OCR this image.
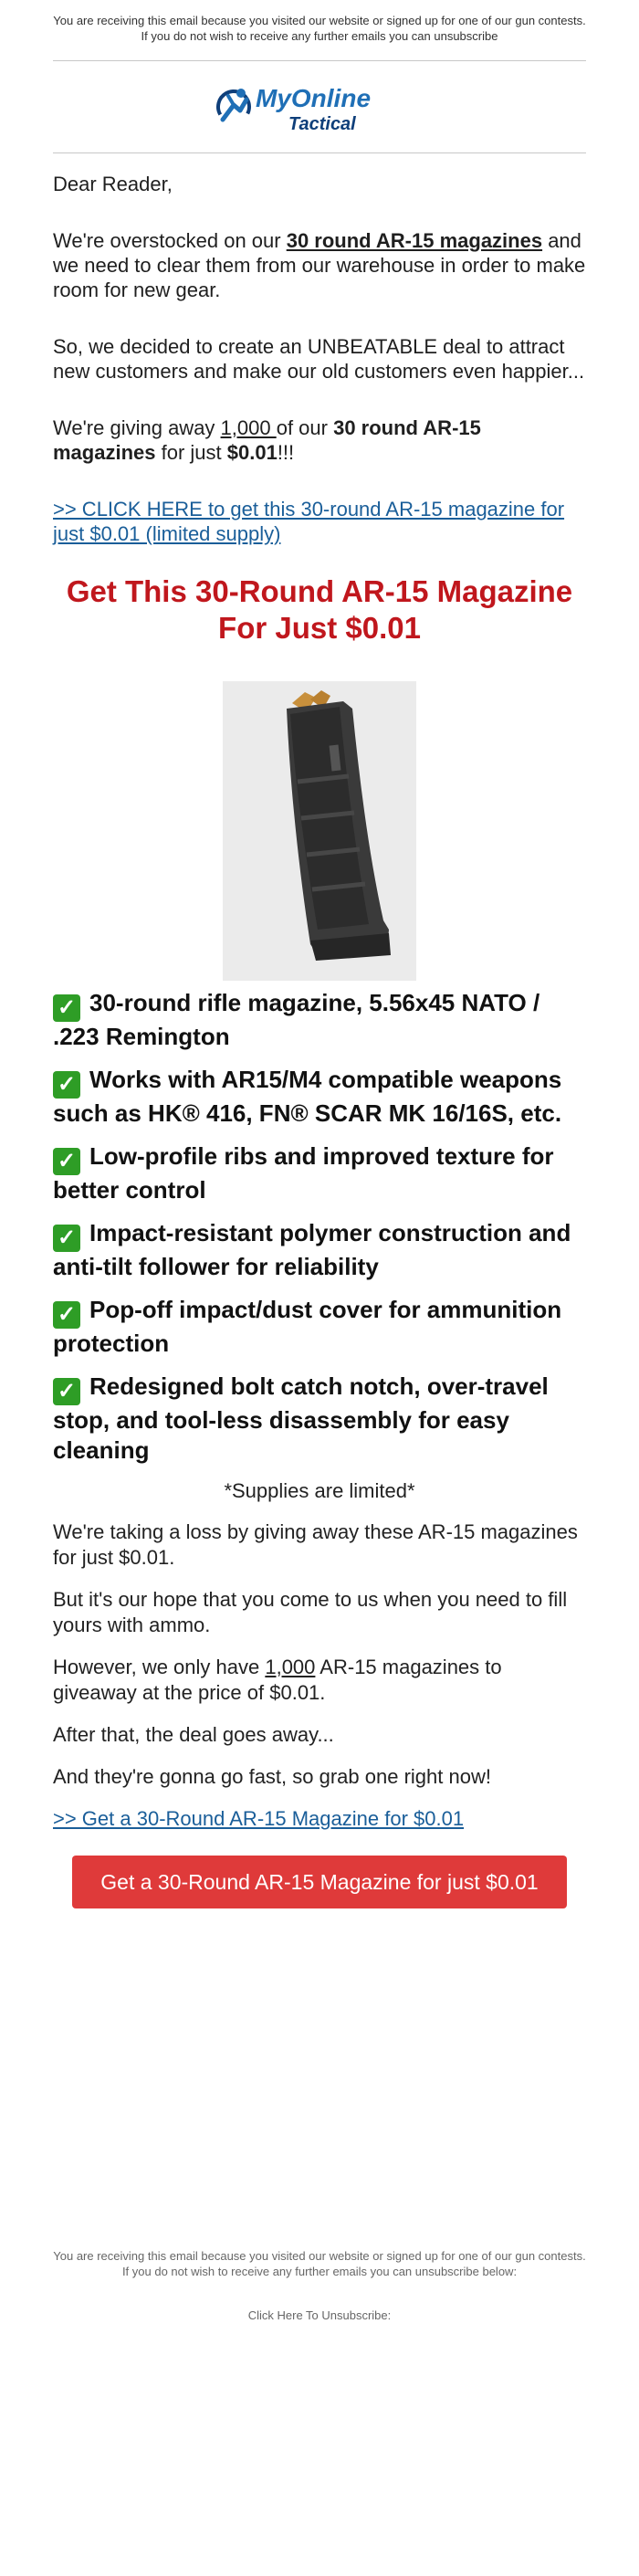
You are receiving this email because you visited our website or signed up for one of our gun contests. If you do not wish to receive any further emails you can unsubscribe
MyOnline
Tactical

Dear Reader,

We're overstocked on our 30 round AR-15 magazines and we need to clear them from our warehouse in order to make room for new gear.

So, we decided to create an UNBEATABLE deal to attract new customers and make our old customers even happier...

We're giving away 1,000 of our 30 round AR-15 magazines for just $0.01!!!

>> CLICK HERE to get this 30-round AR-15 magazine for just $0.01 (limited supply)

Get This 30-Round AR-15 Magazine For Just $0.01
✓ 30-round rifle magazine, 5.56x45 NATO / .223 Remington
✓ Works with AR15/M4 compatible weapons such as HK® 416, FN® SCAR MK 16/16S, etc.
✓ Low-profile ribs and improved texture for better control
✓ Impact-resistant polymer construction and anti-tilt follower for reliability
✓ Pop-off impact/dust cover for ammunition protection
✓ Redesigned bolt catch notch, over-travel stop, and tool-less disassembly for easy cleaning
*Supplies are limited*
We're taking a loss by giving away these AR-15 magazines for just $0.01.
But it's our hope that you come to us when you need to fill yours with ammo.
However, we only have 1,000 AR-15 magazines to giveaway at the price of $0.01.
After that, the deal goes away...
And they're gonna go fast, so grab one right now!
>> Get a 30-Round AR-15 Magazine for $0.01
Get a 30-Round AR-15 Magazine for just $0.01
You are receiving this email because you visited our website or signed up for one of our gun contests. If you do not wish to receive any further emails you can unsubscribe below:
Click Here To Unsubscribe:
